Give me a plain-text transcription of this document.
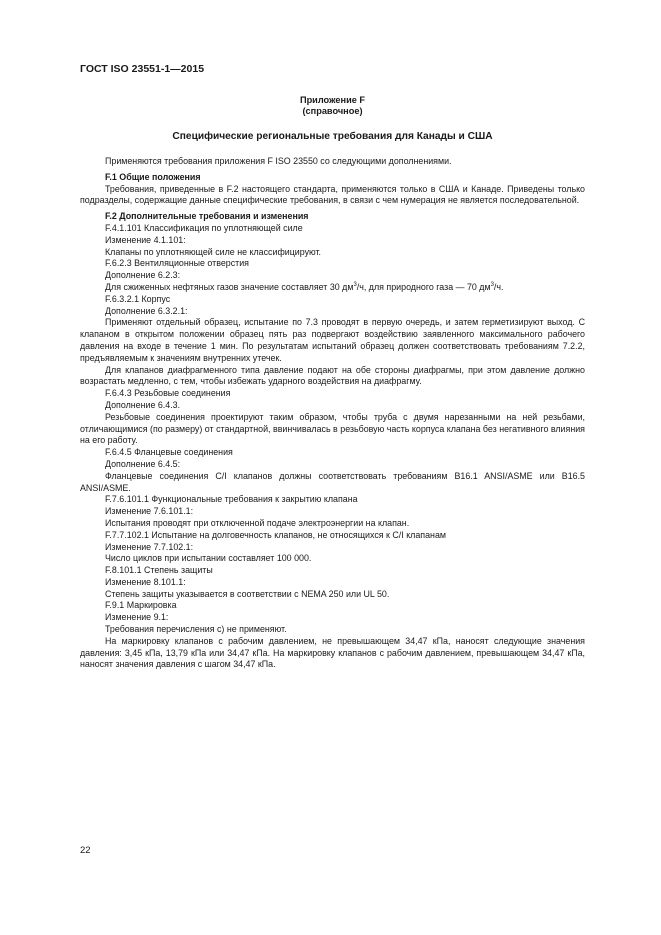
ГОСТ ISO 23551-1—2015
Приложение F
(справочное)
Специфические региональные требования для Канады и США

Применяются требования приложения F ISO 23550 со следующими дополнениями.

F.1 Общие положения

Требования, приведенные в F.2 настоящего стандарта, применяются только в США и Канаде. Приведены только подразделы, содержащие данные специфические требования, в связи с чем нумерация не является последовательной.

F.2 Дополнительные требования и изменения

F.4.1.101 Классификация по уплотняющей силе

Изменение 4.1.101:

Клапаны по уплотняющей силе не классифицируют.

F.6.2.3 Вентиляционные отверстия

Дополнение 6.2.3:

Для сжиженных нефтяных газов значение составляет 30 $дм^3/ч$, для природного газа — 70 $дм^3/ч$.

F.6.3.2.1 Корпус

Дополнение 6.3.2.1:

Применяют отдельный образец, испытание по 7.3 проводят в первую очередь, и затем герметизируют выход. С клапаном в открытом положении образец пять раз подвергают воздействию заявленного максимального рабочего давления на входе в течение 1 мин. По результатам испытаний образец должен соответствовать требованиям 7.2.2, предъявляемым к значениям внутренних утечек.

Для клапанов диафрагменного типа давление подают на обе стороны диафрагмы, при этом давление должно возрастать медленно, с тем, чтобы избежать ударного воздействия на диафрагму.

F.6.4.3 Резьбовые соединения

Дополнение 6.4.3.

Резьбовые соединения проектируют таким образом, чтобы труба с двумя нарезанными на ней резьбами, отличающимися (по размеру) от стандартной, ввинчивалась в резьбовую часть корпуса клапана без негативного влияния на его работу.

F.6.4.5 Фланцевые соединения

Дополнение 6.4.5:

Фланцевые соединения C/I клапанов должны соответствовать требованиям B16.1 ANSI/ASME или B16.5 ANSI/ASME.

F.7.6.101.1 Функциональные требования к закрытию клапана

Изменение 7.6.101.1:

Испытания проводят при отключенной подаче электроэнергии на клапан.

F.7.7.102.1 Испытание на долговечность клапанов, не относящихся к C/I клапанам

Изменение 7.7.102.1:

Число циклов при испытании составляет 100 000.

F.8.101.1 Степень защиты

Изменение 8.101.1:

Степень защиты указывается в соответствии с NEMA 250 или UL 50.

F.9.1 Маркировка

Изменение 9.1:

Требования перечисления c) не применяют.

На маркировку клапанов с рабочим давлением, не превышающем 34,47 кПа, наносят следующие значения давления: 3,45 кПа, 13,79 кПа или 34,47 кПа. На маркировку клапанов с рабочим давлением, превышающем 34,47 кПа, наносят значения давления с шагом 34,47 кПа.

22
